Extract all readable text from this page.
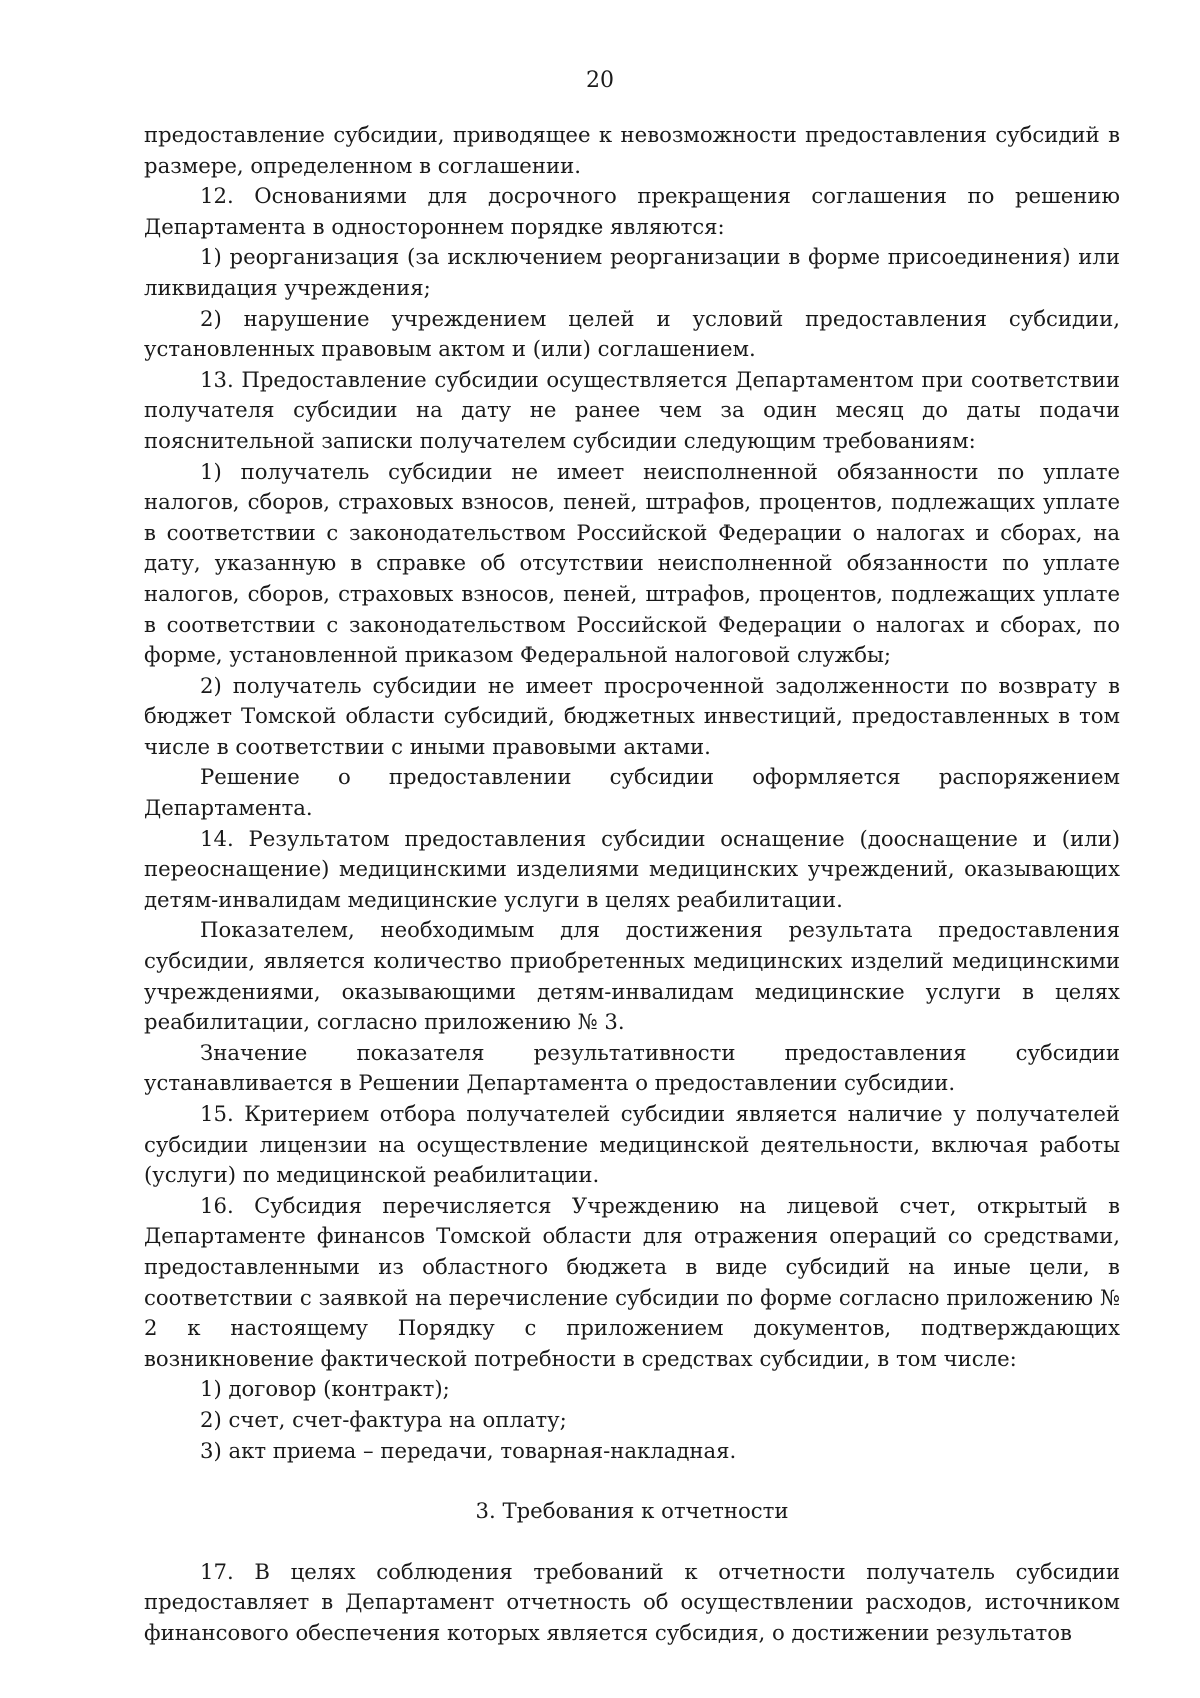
20

предоставление субсидии, приводящее к невозможности предоставления субсидий в размере, определенном в соглашении.

12. Основаниями для досрочного прекращения соглашения по решению Департамента в одностороннем порядке являются:

1) реорганизация (за исключением реорганизации в форме присоединения) или ликвидация учреждения;

2) нарушение учреждением целей и условий предоставления субсидии, установленных правовым актом и (или) соглашением.

13. Предоставление субсидии осуществляется Департаментом при соответствии получателя субсидии на дату не ранее чем за один месяц до даты подачи пояснительной записки получателем субсидии следующим требованиям:

1) получатель субсидии не имеет неисполненной обязанности по уплате налогов, сборов, страховых взносов, пеней, штрафов, процентов, подлежащих уплате в соответствии с законодательством Российской Федерации о налогах и сборах, на дату, указанную в справке об отсутствии неисполненной обязанности по уплате налогов, сборов, страховых взносов, пеней, штрафов, процентов, подлежащих уплате в соответствии с законодательством Российской Федерации о налогах и сборах, по форме, установленной приказом Федеральной налоговой службы;

2) получатель субсидии не имеет просроченной задолженности по возврату в бюджет Томской области субсидий, бюджетных инвестиций, предоставленных в том числе в соответствии с иными правовыми актами.

Решение о предоставлении субсидии оформляется распоряжением Департамента.

14. Результатом предоставления субсидии оснащение (дооснащение и (или) переоснащение) медицинскими изделиями медицинских учреждений, оказывающих детям-инвалидам медицинские услуги в целях реабилитации.

Показателем, необходимым для достижения результата предоставления субсидии, является количество приобретенных медицинских изделий медицинскими учреждениями, оказывающими детям-инвалидам медицинские услуги в целях реабилитации, согласно приложению № 3.

Значение показателя результативности предоставления субсидии устанавливается в Решении Департамента о предоставлении субсидии.

15. Критерием отбора получателей субсидии является наличие у получателей субсидии лицензии на осуществление медицинской деятельности, включая работы (услуги) по медицинской реабилитации.

16. Субсидия перечисляется Учреждению на лицевой счет, открытый в Департаменте финансов Томской области для отражения операций со средствами, предоставленными из областного бюджета в виде субсидий на иные цели, в соответствии с заявкой на перечисление субсидии по форме согласно приложению № 2 к настоящему Порядку с приложением документов, подтверждающих возникновение фактической потребности в средствах субсидии, в том числе:

1) договор (контракт);

2) счет, счет-фактура на оплату;

3) акт приема – передачи, товарная-накладная.

3. Требования к отчетности

17. В целях соблюдения требований к отчетности получатель субсидии предоставляет в Департамент отчетность об осуществлении расходов, источником финансового обеспечения которых является субсидия, о достижении результатов
